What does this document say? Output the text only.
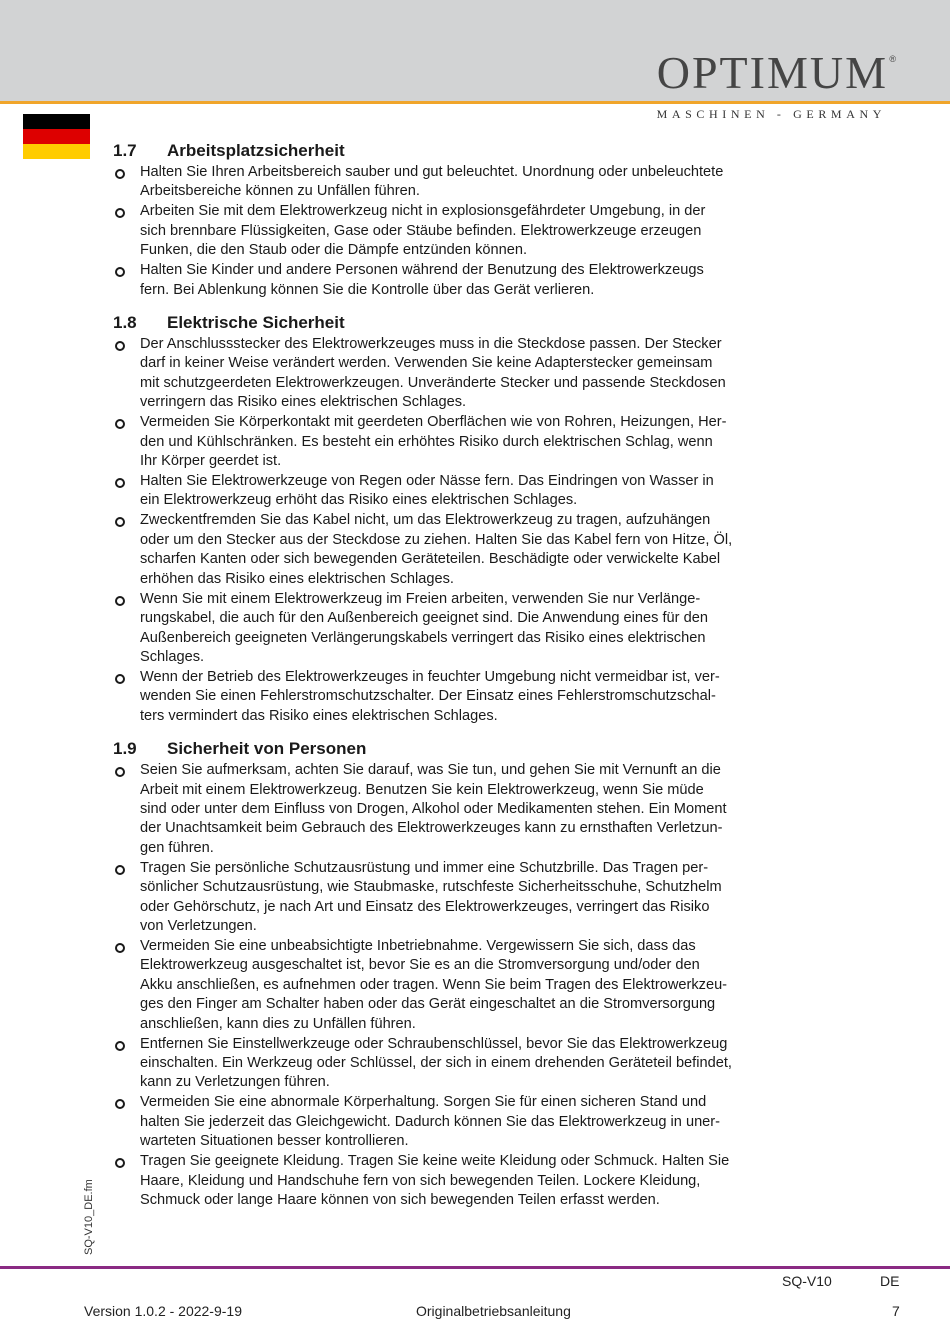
OPTIMUM ®
MASCHINEN - GERMANY
SQ-V10_DE.fm
1.7	Arbeitsplatzsicherheit
Halten Sie Ihren Arbeitsbereich sauber und gut beleuchtet. Unordnung oder unbeleuchtete
Arbeitsbereiche können zu Unfällen führen.
Arbeiten Sie mit dem Elektrowerkzeug nicht in explosionsgefährdeter Umgebung, in der
sich brennbare Flüssigkeiten, Gase oder Stäube befinden. Elektrowerkzeuge erzeugen
Funken, die den Staub oder die Dämpfe entzünden können.
Halten Sie Kinder und andere Personen während der Benutzung des Elektrowerkzeugs
fern. Bei Ablenkung können Sie die Kontrolle über das Gerät verlieren.
1.8	Elektrische Sicherheit
Der Anschlussstecker des Elektrowerkzeuges muss in die Steckdose passen. Der Stecker
darf in keiner Weise verändert werden. Verwenden Sie keine Adapterstecker gemeinsam
mit schutzgeerdeten Elektrowerkzeugen. Unveränderte Stecker und passende Steckdosen
verringern das Risiko eines elektrischen Schlages.
Vermeiden Sie Körperkontakt mit geerdeten Oberflächen wie von Rohren, Heizungen, Her-
den und Kühlschränken. Es besteht ein erhöhtes Risiko durch elektrischen Schlag, wenn
Ihr Körper geerdet ist.
Halten Sie Elektrowerkzeuge von Regen oder Nässe fern. Das Eindringen von Wasser in
ein Elektrowerkzeug erhöht das Risiko eines elektrischen Schlages.
Zweckentfremden Sie das Kabel nicht, um das Elektrowerkzeug zu tragen, aufzuhängen
oder um den Stecker aus der Steckdose zu ziehen. Halten Sie das Kabel fern von Hitze, Öl,
scharfen Kanten oder sich bewegenden Geräteteilen. Beschädigte oder verwickelte Kabel
erhöhen das Risiko eines elektrischen Schlages.
Wenn Sie mit einem Elektrowerkzeug im Freien arbeiten, verwenden Sie nur Verlänge-
rungskabel, die auch für den Außenbereich geeignet sind. Die Anwendung eines für den
Außenbereich geeigneten Verlängerungskabels verringert das Risiko eines elektrischen
Schlages.
Wenn der Betrieb des Elektrowerkzeuges in feuchter Umgebung nicht vermeidbar ist, ver-
wenden Sie einen Fehlerstromschutzschalter. Der Einsatz eines Fehlerstromschutzschal-
ters vermindert das Risiko eines elektrischen Schlages.
1.9	Sicherheit von Personen
Seien Sie aufmerksam, achten Sie darauf, was Sie tun, und gehen Sie mit Vernunft an die
Arbeit mit einem Elektrowerkzeug. Benutzen Sie kein Elektrowerkzeug, wenn Sie müde
sind oder unter dem Einfluss von Drogen, Alkohol oder Medikamenten stehen. Ein Moment
der Unachtsamkeit beim Gebrauch des Elektrowerkzeuges kann zu ernsthaften Verletzun-
gen führen.
Tragen Sie persönliche Schutzausrüstung und immer eine Schutzbrille. Das Tragen per-
sönlicher Schutzausrüstung, wie Staubmaske, rutschfeste Sicherheitsschuhe, Schutzhelm
oder Gehörschutz, je nach Art und Einsatz des Elektrowerkzeuges, verringert das Risiko
von Verletzungen.
Vermeiden Sie eine unbeabsichtigte Inbetriebnahme. Vergewissern Sie sich, dass das
Elektrowerkzeug ausgeschaltet ist, bevor Sie es an die Stromversorgung und/oder den
Akku anschließen, es aufnehmen oder tragen. Wenn Sie beim Tragen des Elektrowerkzeu-
ges den Finger am Schalter haben oder das Gerät eingeschaltet an die Stromversorgung
anschließen, kann dies zu Unfällen führen.
Entfernen Sie Einstellwerkzeuge oder Schraubenschlüssel, bevor Sie das Elektrowerkzeug
einschalten. Ein Werkzeug oder Schlüssel, der sich in einem drehenden Geräteteil befindet,
kann zu Verletzungen führen.
Vermeiden Sie eine abnormale Körperhaltung. Sorgen Sie für einen sicheren Stand und
halten Sie jederzeit das Gleichgewicht. Dadurch können Sie das Elektrowerkzeug in uner-
warteten Situationen besser kontrollieren.
Tragen Sie geeignete Kleidung. Tragen Sie keine weite Kleidung oder Schmuck. Halten Sie
Haare, Kleidung und Handschuhe fern von sich bewegenden Teilen. Lockere Kleidung,
Schmuck oder lange Haare können von sich bewegenden Teilen erfasst werden.
SQ-V10	DE
Version 1.0.2 - 2022-9-19	Originalbetriebsanleitung	7
